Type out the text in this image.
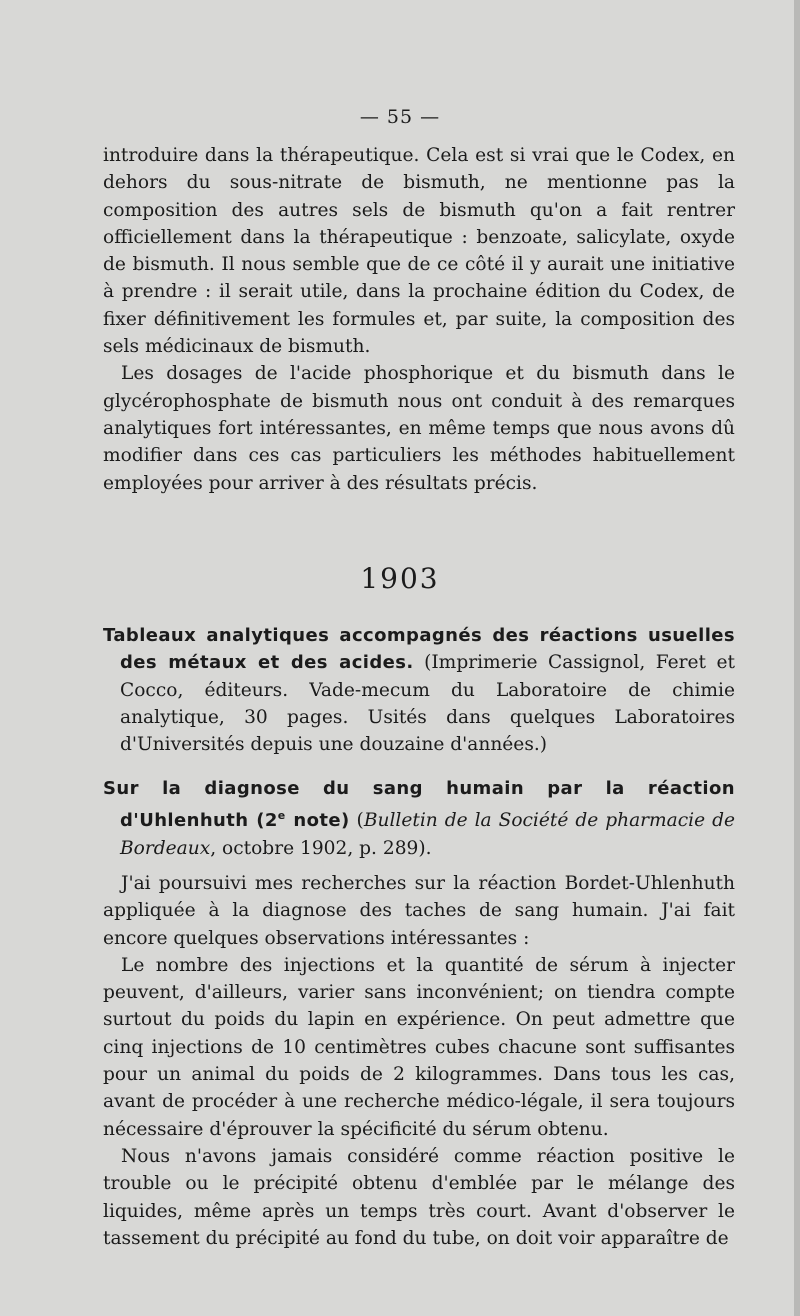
— 55 —

introduire dans la thérapeutique. Cela est si vrai que le Codex, en dehors du sous-nitrate de bismuth, ne mentionne pas la composition des autres sels de bismuth qu'on a fait rentrer officiellement dans la thérapeutique : benzoate, salicylate, oxyde de bismuth. Il nous semble que de ce côté il y aurait une initiative à prendre : il serait utile, dans la prochaine édition du Codex, de fixer définitivement les formules et, par suite, la composition des sels médicinaux de bismuth.

Les dosages de l'acide phosphorique et du bismuth dans le glycérophosphate de bismuth nous ont conduit à des remarques analytiques fort intéressantes, en même temps que nous avons dû modifier dans ces cas particuliers les méthodes habituellement employées pour arriver à des résultats précis.

1903

Tableaux analytiques accompagnés des réactions usuelles des métaux et des acides. (Imprimerie Cassignol, Feret et Cocco, éditeurs. Vade-mecum du Laboratoire de chimie analytique, 30 pages. Usités dans quelques Laboratoires d'Universités depuis une douzaine d'années.)

Sur la diagnose du sang humain par la réaction d'Uhlenhuth (2e note) (Bulletin de la Société de pharmacie de Bordeaux, octobre 1902, p. 289).

J'ai poursuivi mes recherches sur la réaction Bordet-Uhlenhuth appliquée à la diagnose des taches de sang humain. J'ai fait encore quelques observations intéressantes :

Le nombre des injections et la quantité de sérum à injecter peuvent, d'ailleurs, varier sans inconvénient; on tiendra compte surtout du poids du lapin en expérience. On peut admettre que cinq injections de 10 centimètres cubes chacune sont suffisantes pour un animal du poids de 2 kilogrammes. Dans tous les cas, avant de procéder à une recherche médico-légale, il sera toujours nécessaire d'éprouver la spécificité du sérum obtenu.

Nous n'avons jamais considéré comme réaction positive le trouble ou le précipité obtenu d'emblée par le mélange des liquides, même après un temps très court. Avant d'observer le tassement du précipité au fond du tube, on doit voir apparaître de
